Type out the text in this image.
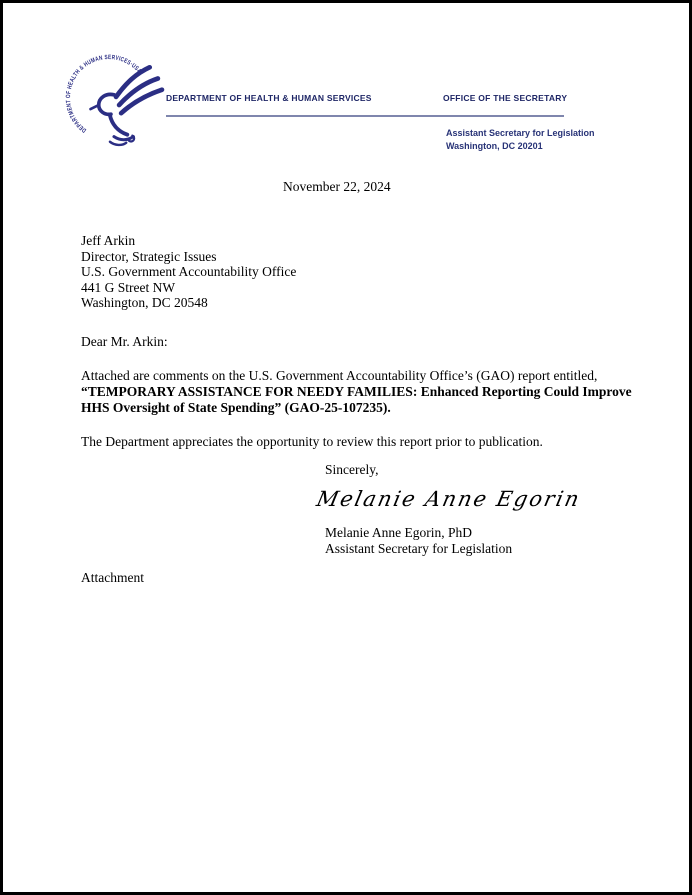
DEPARTMENT OF HEALTH & HUMAN SERVICES·USA
DEPARTMENT OF HEALTH & HUMAN SERVICES	OFFICE OF THE SECRETARY
Assistant Secretary for Legislation
Washington, DC 20201
November 22, 2024
Jeff Arkin
Director, Strategic Issues
U.S. Government Accountability Office
441 G Street NW
Washington, DC 20548
Dear Mr. Arkin:
Attached are comments on the U.S. Government Accountability Office’s (GAO) report entitled, “TEMPORARY ASSISTANCE FOR NEEDY FAMILIES: Enhanced Reporting Could Improve HHS Oversight of State Spending” (GAO-25-107235).
The Department appreciates the opportunity to review this report prior to publication.
Sincerely,
Melanie Anne Egorin
Melanie Anne Egorin, PhD
Assistant Secretary for Legislation
Attachment
